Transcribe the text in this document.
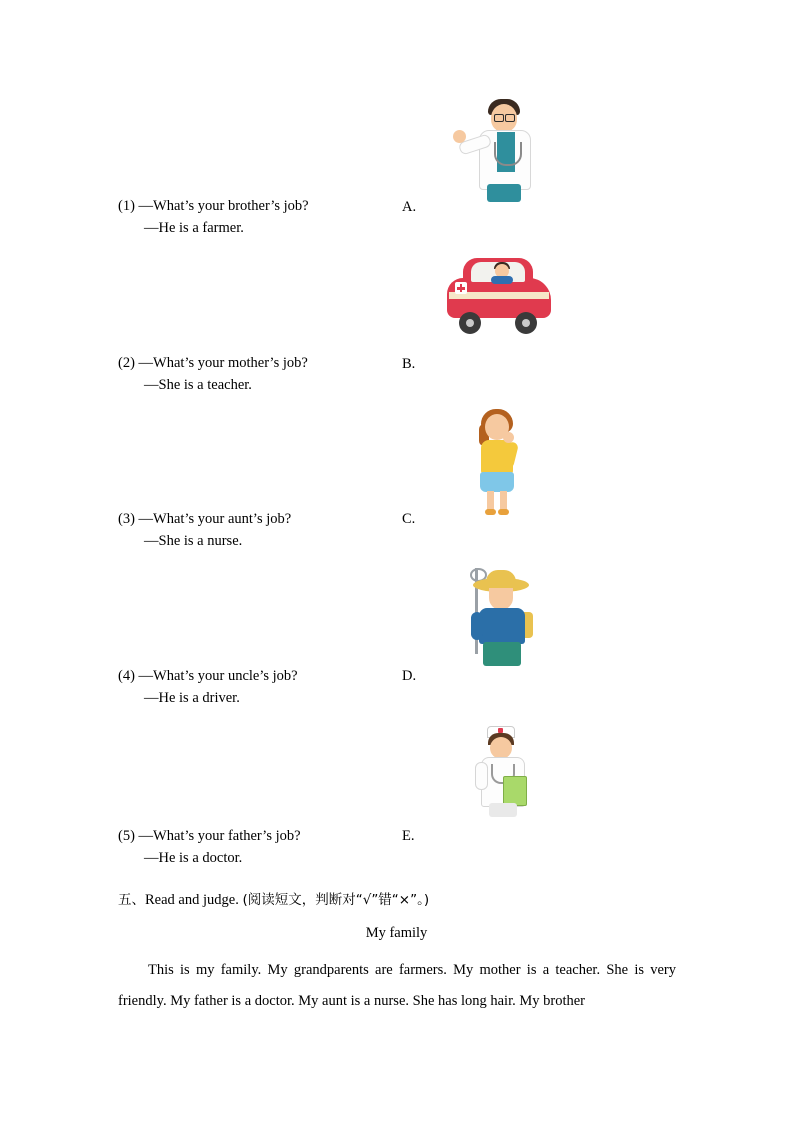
A.
(1) —What’s your brother’s job?
—He is a farmer.
B.
(2) —What’s your mother’s job?
—She is a teacher.
C.
(3) —What’s your aunt’s job?
—She is a nurse.
D.
(4) —What’s your uncle’s job?
—He is a driver.
E.
(5) —What’s your father’s job?
—He is a doctor.
五、Read and judge. (阅读短文，判断对“√”错“×”。)
My family
This is my family. My grandparents are farmers. My mother is a teacher. She is very friendly. My father is a doctor. My aunt is a nurse. She has long hair. My brother
